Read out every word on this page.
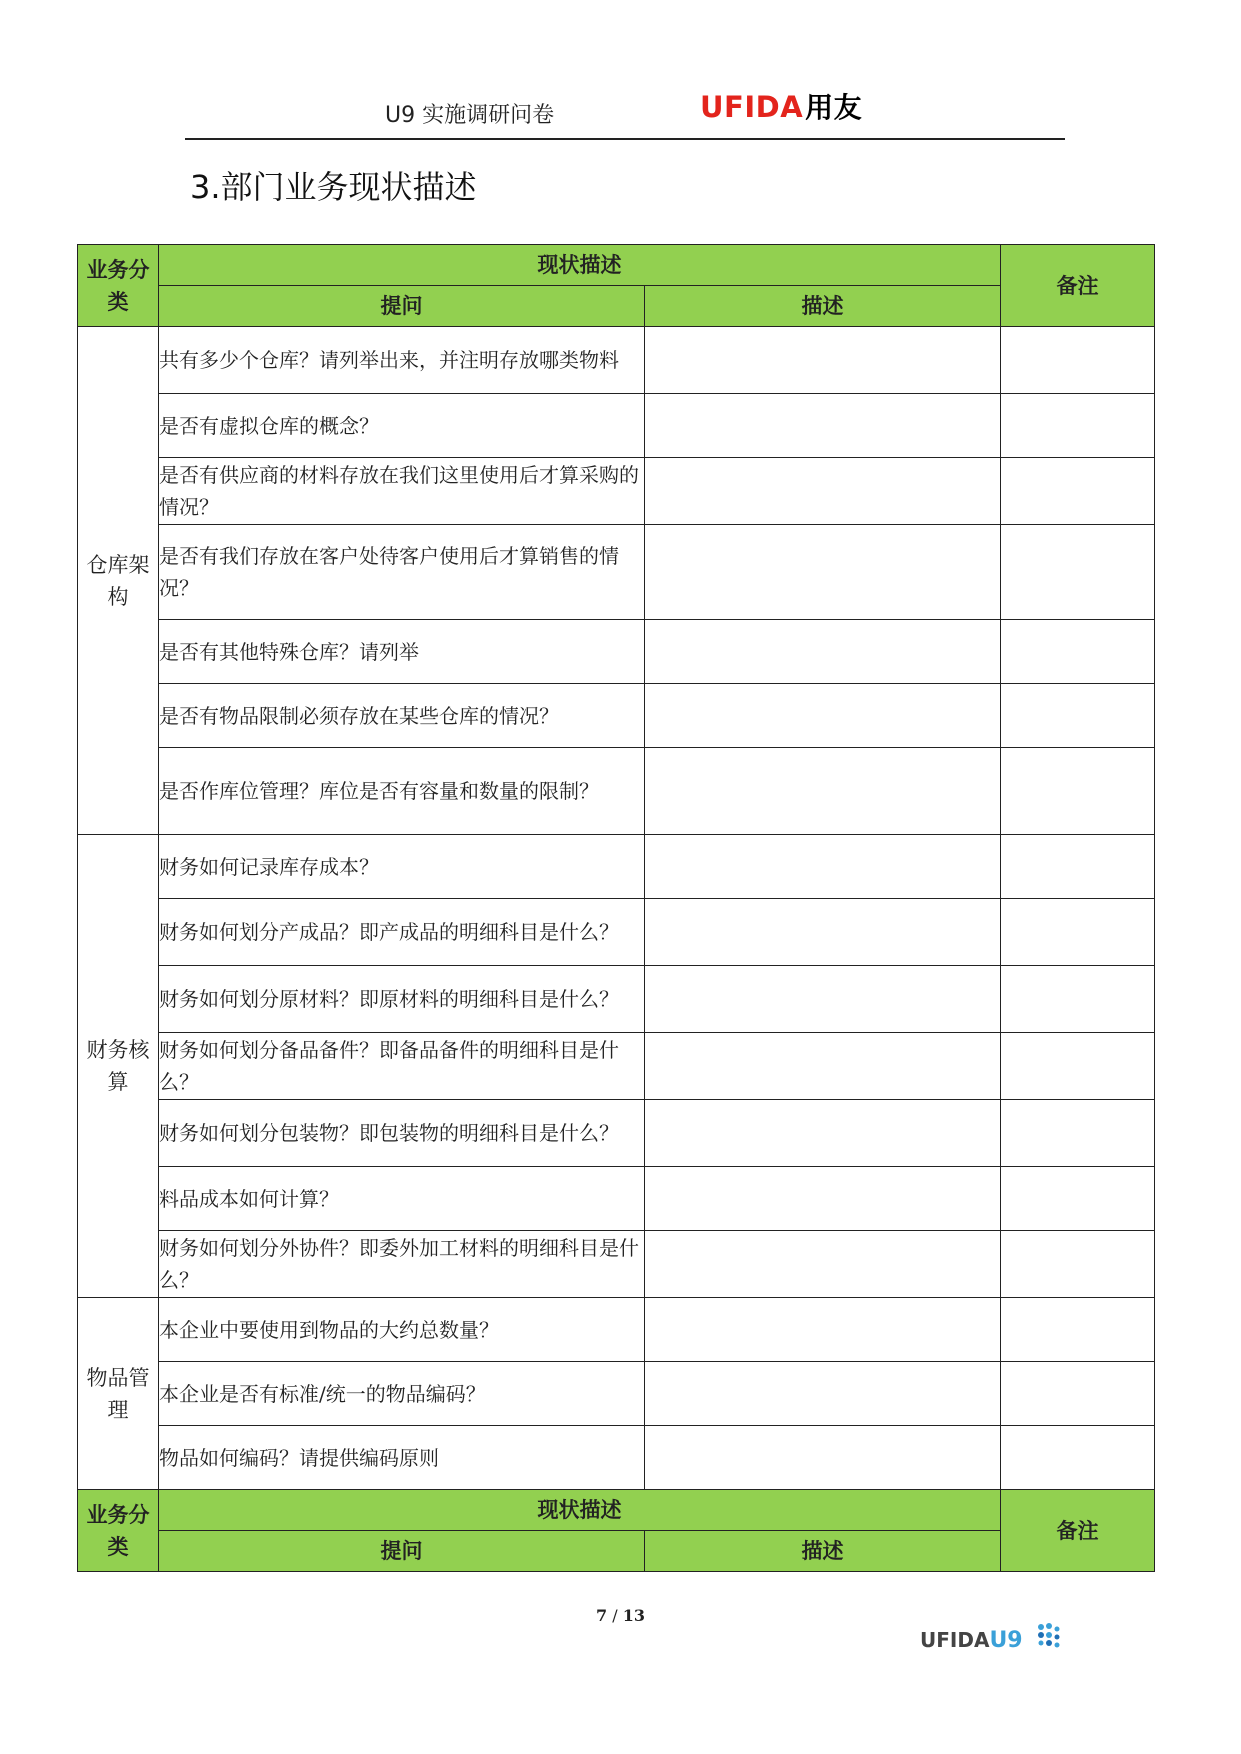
U9 实施调研问卷	UFIDA用友
3.部门业务现状描述
业务分类	现状描述		备注
	提问	描述	
仓库架构	共有多少个仓库？请列举出来，并注明存放哪类物料		
	是否有虚拟仓库的概念？		
	是否有供应商的材料存放在我们这里使用后才算采购的情况？		
	是否有我们存放在客户处待客户使用后才算销售的情况？		
	是否有其他特殊仓库？请列举		
	是否有物品限制必须存放在某些仓库的情况？		
	是否作库位管理？库位是否有容量和数量的限制？		
财务核算	财务如何记录库存成本？		
	财务如何划分产成品？即产成品的明细科目是什么？		
	财务如何划分原材料？即原材料的明细科目是什么？		
	财务如何划分备品备件？即备品备件的明细科目是什么？		
	财务如何划分包装物？即包装物的明细科目是什么？		
	料品成本如何计算？		
	财务如何划分外协件？即委外加工材料的明细科目是什么？		
物品管理	本企业中要使用到物品的大约总数量？		
	本企业是否有标准/统一的物品编码？		
	物品如何编码？请提供编码原则		
业务分类	现状描述		备注
	提问	描述	
7 / 13
UFIDAU9
